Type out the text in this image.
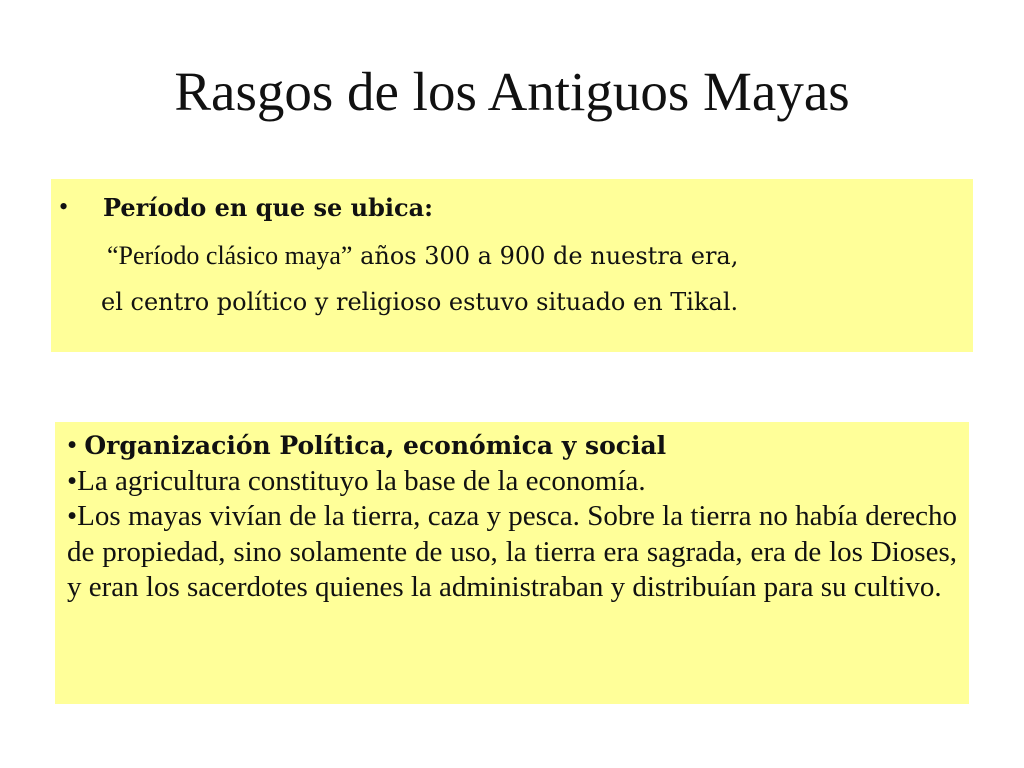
Rasgos de los Antiguos Mayas
• Período en que se ubica:
“Período clásico maya” años 300 a 900 de nuestra era,
el centro político y religioso estuvo situado en Tikal.
• Organización Política, económica y social
•La agricultura constituyo la base de la economía.
•Los mayas vivían de la tierra, caza y pesca. Sobre la tierra no había derecho de propiedad, sino solamente de uso, la tierra era sagrada, era de los Dioses, y eran los sacerdotes quienes la administraban y distribuían para su cultivo.
